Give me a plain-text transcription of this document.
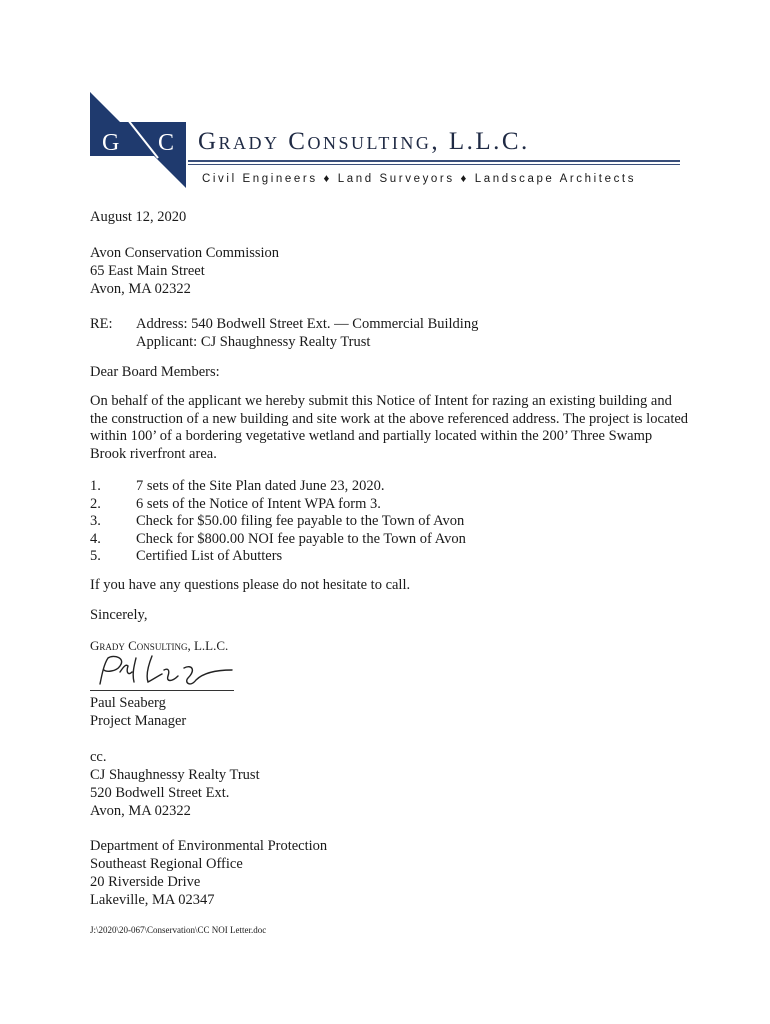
G C Grady Consulting, L.L.C.
Civil Engineers ♦ Land Surveyors ♦ Landscape Architects
August 12, 2020
Avon Conservation Commission
65 East Main Street
Avon, MA 02322
RE: Address: 540 Bodwell Street Ext. — Commercial Building
Applicant: CJ Shaughnessy Realty Trust
Dear Board Members:
On behalf of the applicant we hereby submit this Notice of Intent for razing an existing building and the construction of a new building and site work at the above referenced address. The project is located within 100’ of a bordering vegetative wetland and partially located within the 200’ Three Swamp Brook riverfront area.
1. 7 sets of the Site Plan dated June 23, 2020.
2. 6 sets of the Notice of Intent WPA form 3.
3. Check for $50.00 filing fee payable to the Town of Avon
4. Check for $800.00 NOI fee payable to the Town of Avon
5. Certified List of Abutters
If you have any questions please do not hesitate to call.
Sincerely,
Grady Consulting, L.L.C.
Paul Seaberg
Project Manager
cc.
CJ Shaughnessy Realty Trust
520 Bodwell Street Ext.
Avon, MA 02322
Department of Environmental Protection
Southeast Regional Office
20 Riverside Drive
Lakeville, MA 02347
J:\2020\20-067\Conservation\CC NOI Letter.doc
